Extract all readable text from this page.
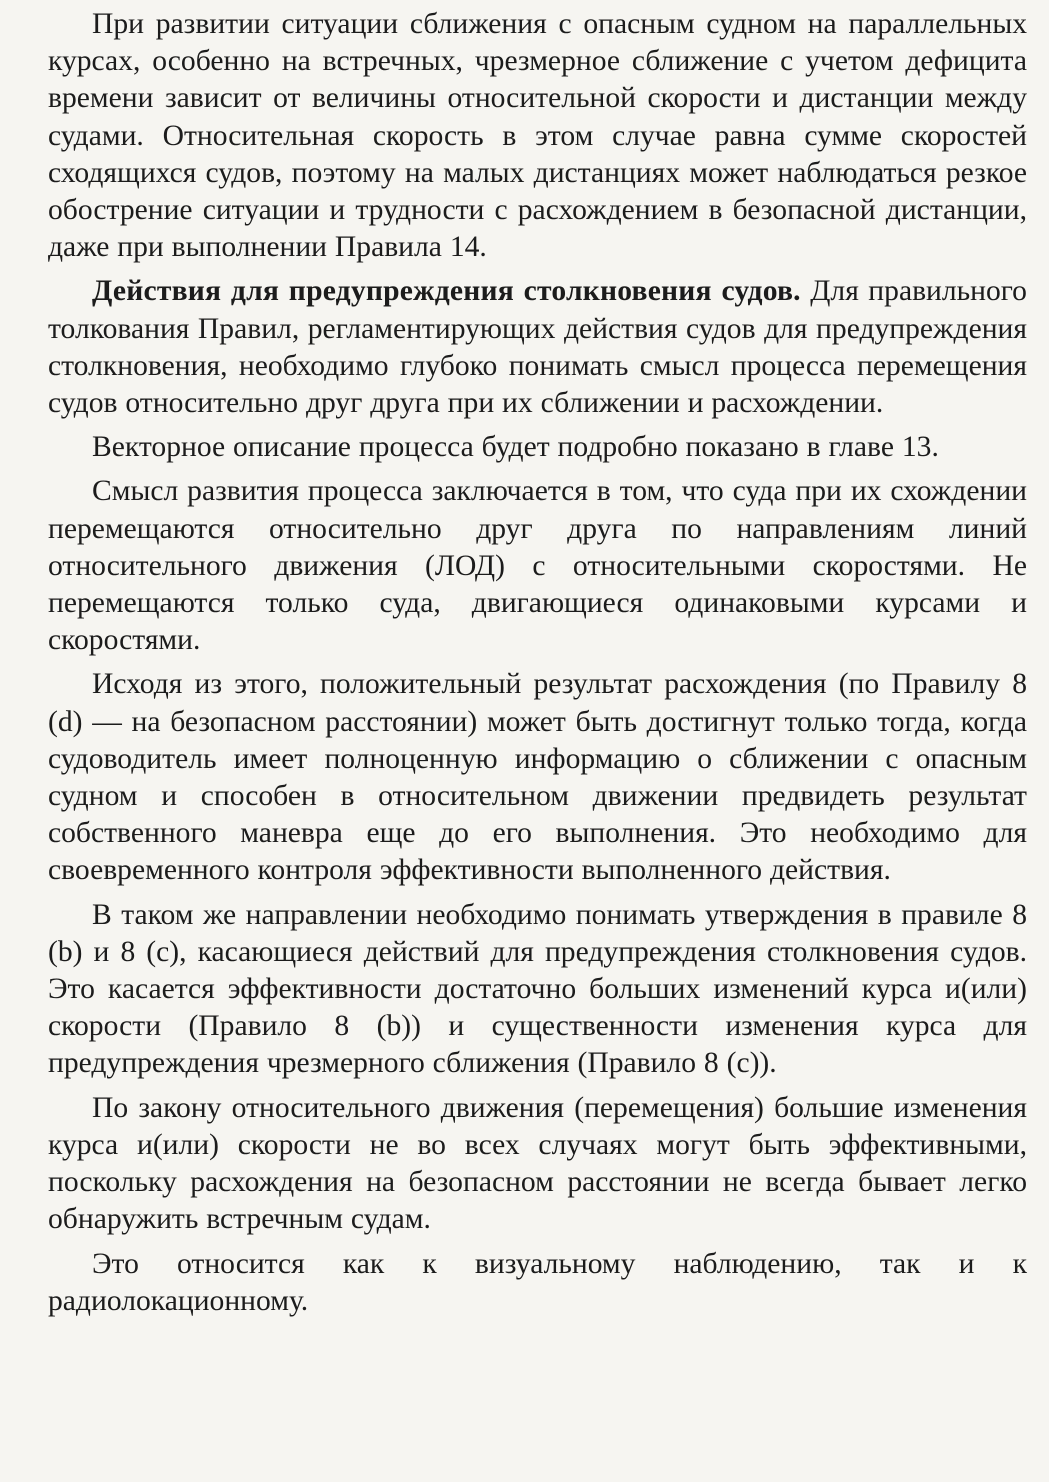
При развитии ситуации сближения с опасным судном на параллельных курсах, особенно на встречных, чрезмерное сближение с учетом дефицита времени зависит от величины относительной скорости и дистанции между судами. Относительная скорость в этом случае равна сумме скоростей сходящихся судов, поэтому на малых дистанциях может наблюдаться резкое обострение ситуации и трудности с расхождением в безопасной дистанции, даже при выполнении Правила 14.

Действия для предупреждения столкновения судов. Для правильного толкования Правил, регламентирующих действия судов для предупреждения столкновения, необходимо глубоко понимать смысл процесса перемещения судов относительно друг друга при их сближении и расхождении.

Векторное описание процесса будет подробно показано в главе 13.

Смысл развития процесса заключается в том, что суда при их схождении перемещаются относительно друг друга по направлениям линий относительного движения (ЛОД) с относительными скоростями. Не перемещаются только суда, двигающиеся одинаковыми курсами и скоростями.

Исходя из этого, положительный результат расхождения (по Правилу 8 (d) — на безопасном расстоянии) может быть достигнут только тогда, когда судоводитель имеет полноценную информацию о сближении с опасным судном и способен в относительном движении предвидеть результат собственного маневра еще до его выполнения. Это необходимо для своевременного контроля эффективности выполненного действия.

В таком же направлении необходимо понимать утверждения в правиле 8 (b) и 8 (с), касающиеся действий для предупреждения столкновения судов. Это касается эффективности достаточно больших изменений курса и(или) скорости (Правило 8 (b)) и существенности изменения курса для предупреждения чрезмерного сближения (Правило 8 (с)).

По закону относительного движения (перемещения) большие изменения курса и(или) скорости не во всех случаях могут быть эффективными, поскольку расхождения на безопасном расстоянии не всегда бывает легко обнаружить встречным судам.

Это относится как к визуальному наблюдению, так и к радиолокационному.
